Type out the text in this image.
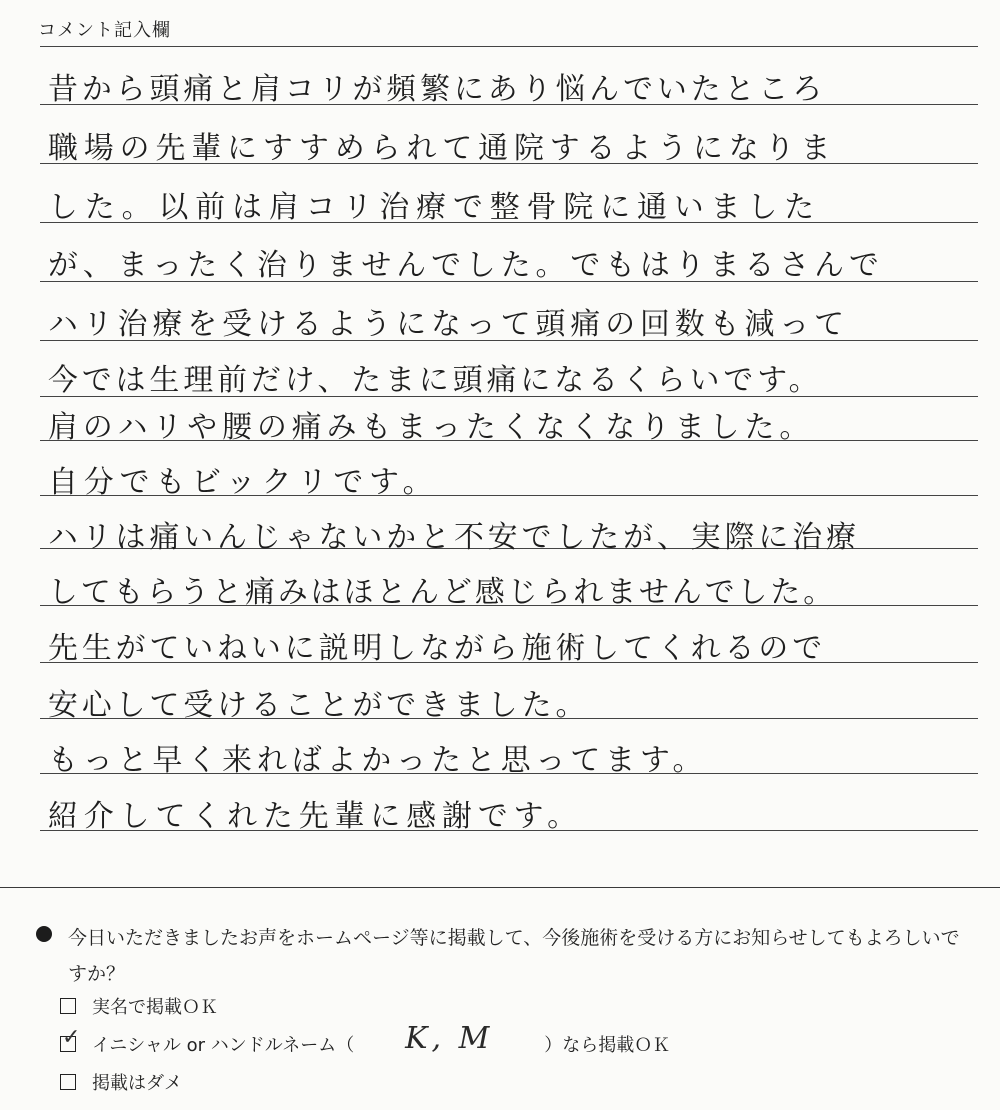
コメント記入欄
昔から頭痛と肩コリが頻繁にあり悩んでいたところ
職場の先輩にすすめられて通院するようになりま
した。以前は肩コリ治療で整骨院に通いました
が、まったく治りませんでした。でもはりまるさんで
ハリ治療を受けるようになって頭痛の回数も減って
今では生理前だけ、たまに頭痛になるくらいです。
肩のハリや腰の痛みもまったくなくなりました。
自分でもビックリです。
ハリは痛いんじゃないかと不安でしたが、実際に治療
してもらうと痛みはほとんど感じられませんでした。
先生がていねいに説明しながら施術してくれるので
安心して受けることができました。
もっと早く来ればよかったと思ってます。
紹介してくれた先輩に感謝です。
今日いただきましたお声をホームページ等に掲載して、今後施術を受ける方にお知らせしてもよろしいですか？
実名で掲載ＯＫ
✓ イニシャル or ハンドルネーム（	K, M	）なら掲載ＯＫ
掲載はダメ
